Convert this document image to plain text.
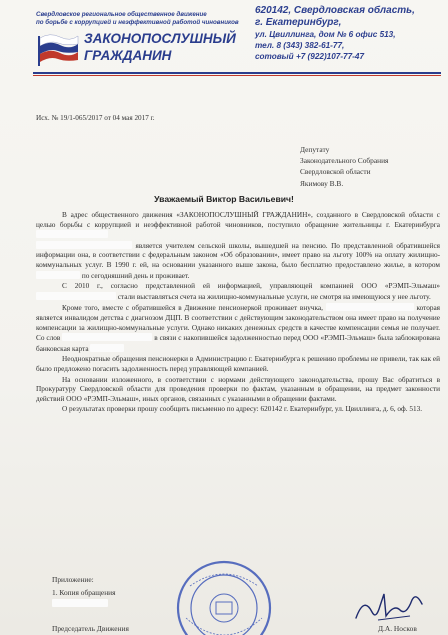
Свердловское региональное общественное движение
по борьбе с коррупцией и неэффективной работой чиновников
ЗАКОНОПОСЛУШНЫЙ
ГРАЖДАНИН
620142, Свердловская область,
г. Екатеринбург,
ул. Цвиллинга, дом № 6 офис 513,
тел. 8 (343) 382-61-77,
сотовый +7 (922)107-77-47
Исх. № 19/1-065/2017 от 04 мая 2017 г.
Депутату
Законодательного Собрания
Свердловской области
Якимову В.В.
Уважаемый Виктор Васильевич!

В адрес общественного движения «ЗАКОНОПОСЛУШНЫЙ ГРАЖДАНИН», созданного в Свердловской области с целью борьбы с коррупцией и неэффективной работой чиновников, поступило обращение жительницы г. Екатеринбурга
является учителем сельской школы, вышедшей на пенсию. По представленной обратившейся информации она, в соответствии с федеральным законом «Об образовании», имеет право на льготу 100% на оплату жилищно-коммунальных услуг. В 1990 г. ей, на основании указанного выше закона, было бесплатно предоставлено жилье, в котором  по сегодняшний день и проживает.

С 2010 г., согласно представленной ей информацией, управляющей компанией ООО «РЭМП-Эльмаш»  стали выставляться счета на жилищно-коммунальные услуги, не смотря на имеющуюся у нее льготу.

Кроме того, вместе с обратившейся в Движение пенсионеркой проживает внучка,	которая является инвалидом детства с диагнозом ДЦП. В соответствии с действующим законодательством она имеет право на получение компенсации за жилищно-коммунальные услуги. Однако никаких денежных средств в качестве компенсации семья не получает. Со слов	в связи с накопившейся задолженностью перед ООО «РЭМП-Эльмаш» была заблокирована банковская карта

Неоднократные обращения пенсионерки в Администрацию г. Екатеринбурга к решению проблемы не привели, так как ей было предложено погасить задолженность перед управляющей компанией.

На основании изложенного, в соответствии с нормами действующего законодательства, прошу Вас обратиться в Прокуратуру Свердловской области для проведения проверки по фактам, указанным в обращении, на предмет законности действий ООО «РЭМП-Эльмаш», иных органов, связанных с указанными в обращении фактами.

О результатах проверки прошу сообщить письменно по адресу: 620142 г. Екатеринбург, ул. Цвиллинга, д. 6, оф. 513.

Приложение:
1. Копия обращения
Председатель Движения	Д.А. Носков
